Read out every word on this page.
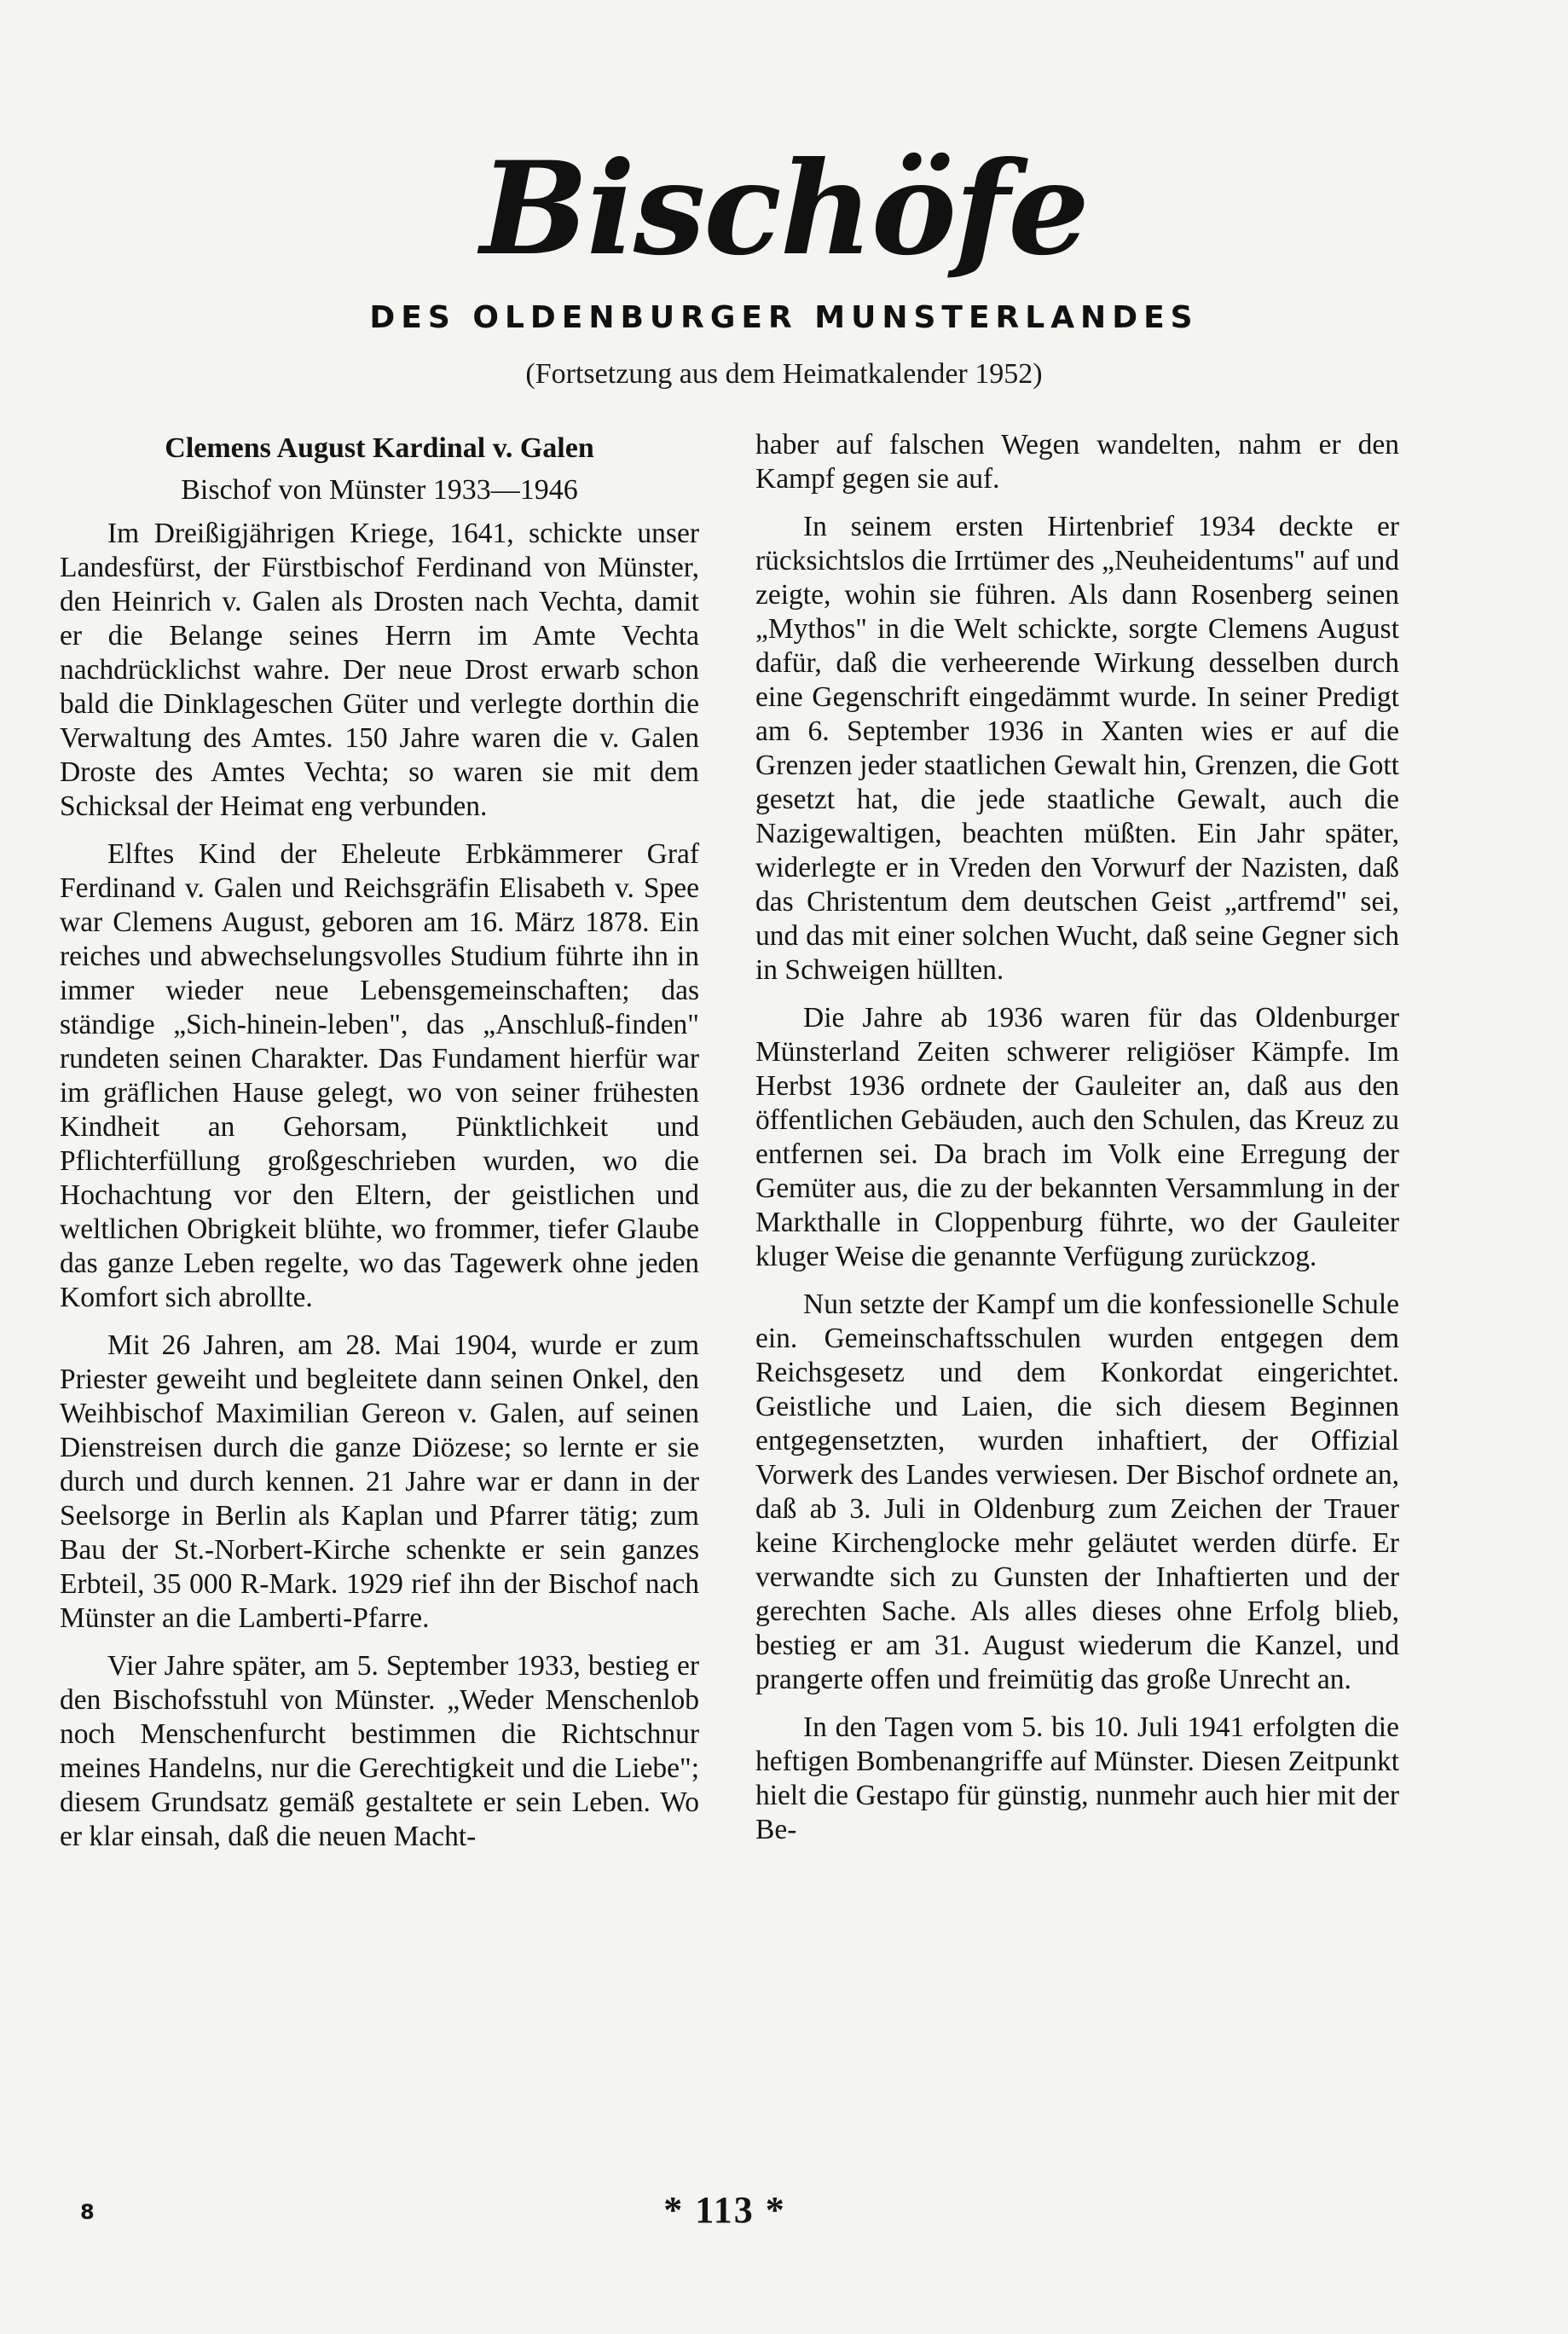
Bischöfe
DES OLDENBURGER MUNSTERLANDES
(Fortsetzung aus dem Heimatkalender 1952)
Clemens August Kardinal v. Galen
Bischof von Münster 1933—1946

Im Dreißigjährigen Kriege, 1641, schickte unser Landesfürst, der Fürstbischof Ferdinand von Münster, den Heinrich v. Galen als Drosten nach Vechta, damit er die Belange seines Herrn im Amte Vechta nachdrücklichst wahre. Der neue Drost erwarb schon bald die Dinklageschen Güter und verlegte dorthin die Verwaltung des Amtes. 150 Jahre waren die v. Galen Droste des Amtes Vechta; so waren sie mit dem Schicksal der Heimat eng verbunden.

Elftes Kind der Eheleute Erbkämmerer Graf Ferdinand v. Galen und Reichsgräfin Elisabeth v. Spee war Clemens August, geboren am 16. März 1878. Ein reiches und abwechselungsvolles Studium führte ihn in immer wieder neue Lebensgemeinschaften; das ständige „Sich-hinein-leben", das „Anschluß-finden" rundeten seinen Charakter. Das Fundament hierfür war im gräflichen Hause gelegt, wo von seiner frühesten Kindheit an Gehorsam, Pünktlichkeit und Pflichterfüllung großgeschrieben wurden, wo die Hochachtung vor den Eltern, der geistlichen und weltlichen Obrigkeit blühte, wo frommer, tiefer Glaube das ganze Leben regelte, wo das Tagewerk ohne jeden Komfort sich abrollte.

Mit 26 Jahren, am 28. Mai 1904, wurde er zum Priester geweiht und begleitete dann seinen Onkel, den Weihbischof Maximilian Gereon v. Galen, auf seinen Dienstreisen durch die ganze Diözese; so lernte er sie durch und durch kennen. 21 Jahre war er dann in der Seelsorge in Berlin als Kaplan und Pfarrer tätig; zum Bau der St.-Norbert-Kirche schenkte er sein ganzes Erbteil, 35 000 R-Mark. 1929 rief ihn der Bischof nach Münster an die Lamberti-Pfarre.

Vier Jahre später, am 5. September 1933, bestieg er den Bischofsstuhl von Münster. „Weder Menschenlob noch Menschenfurcht bestimmen die Richtschnur meines Handelns, nur die Gerechtigkeit und die Liebe"; diesem Grundsatz gemäß gestaltete er sein Leben. Wo er klar einsah, daß die neuen Macht-

haber auf falschen Wegen wandelten, nahm er den Kampf gegen sie auf.

In seinem ersten Hirtenbrief 1934 deckte er rücksichtslos die Irrtümer des „Neuheidentums" auf und zeigte, wohin sie führen. Als dann Rosenberg seinen „Mythos" in die Welt schickte, sorgte Clemens August dafür, daß die verheerende Wirkung desselben durch eine Gegenschrift eingedämmt wurde. In seiner Predigt am 6. September 1936 in Xanten wies er auf die Grenzen jeder staatlichen Gewalt hin, Grenzen, die Gott gesetzt hat, die jede staatliche Gewalt, auch die Nazigewaltigen, beachten müßten. Ein Jahr später, widerlegte er in Vreden den Vorwurf der Nazisten, daß das Christentum dem deutschen Geist „artfremd" sei, und das mit einer solchen Wucht, daß seine Gegner sich in Schweigen hüllten.

Die Jahre ab 1936 waren für das Oldenburger Münsterland Zeiten schwerer religiöser Kämpfe. Im Herbst 1936 ordnete der Gauleiter an, daß aus den öffentlichen Gebäuden, auch den Schulen, das Kreuz zu entfernen sei. Da brach im Volk eine Erregung der Gemüter aus, die zu der bekannten Versammlung in der Markthalle in Cloppenburg führte, wo der Gauleiter kluger Weise die genannte Verfügung zurückzog.

Nun setzte der Kampf um die konfessionelle Schule ein. Gemeinschaftsschulen wurden entgegen dem Reichsgesetz und dem Konkordat eingerichtet. Geistliche und Laien, die sich diesem Beginnen entgegensetzten, wurden inhaftiert, der Offizial Vorwerk des Landes verwiesen. Der Bischof ordnete an, daß ab 3. Juli in Oldenburg zum Zeichen der Trauer keine Kirchenglocke mehr geläutet werden dürfe. Er verwandte sich zu Gunsten der Inhaftierten und der gerechten Sache. Als alles dieses ohne Erfolg blieb, bestieg er am 31. August wiederum die Kanzel, und prangerte offen und freimütig das große Unrecht an.

In den Tagen vom 5. bis 10. Juli 1941 erfolgten die heftigen Bombenangriffe auf Münster. Diesen Zeitpunkt hielt die Gestapo für günstig, nunmehr auch hier mit der Be-

8	* 113 *
